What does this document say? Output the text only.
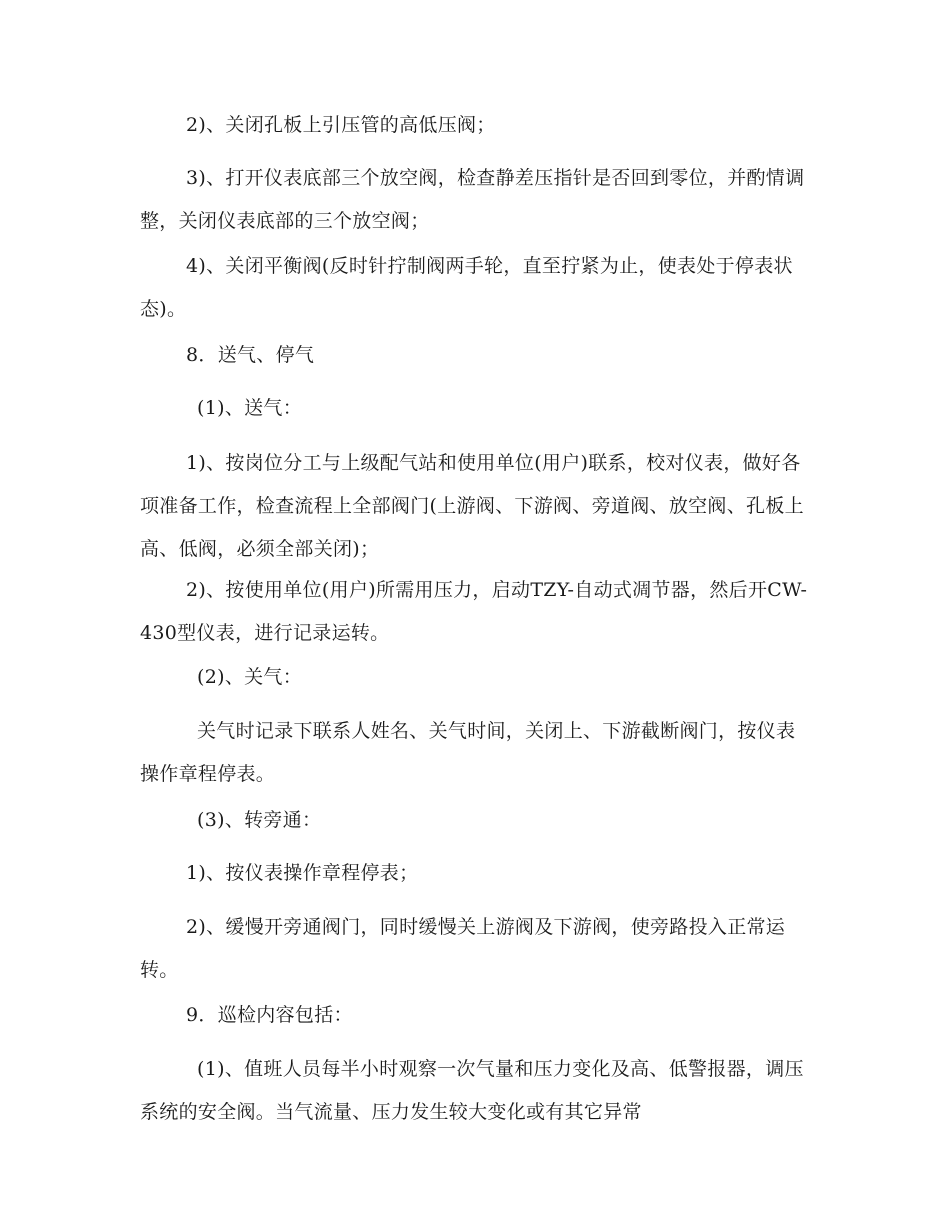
2)、关闭孔板上引压管的高低压阀；
3)、打开仪表底部三个放空阀，检查静差压指针是否回到零位，并酌情调整，关闭仪表底部的三个放空阀；
4)、关闭平衡阀(反时针拧制阀两手轮，直至拧紧为止，使表处于停表状态)。
8．送气、停气
(1)、送气：
1)、按岗位分工与上级配气站和使用单位(用户)联系，校对仪表，做好各项准备工作，检查流程上全部阀门(上游阀、下游阀、旁道阀、放空阀、孔板上高、低阀，必须全部关闭)；
2)、按使用单位(用户)所需用压力，启动TZY-自动式凋节器，然后开CW-430型仪表，进行记录运转。
(2)、关气：
关气时记录下联系人姓名、关气时间，关闭上、下游截断阀门，按仪表操作章程停表。
(3)、转旁通：
1)、按仪表操作章程停表；
2)、缓慢开旁通阀门，同时缓慢关上游阀及下游阀，使旁路投入正常运转。
9．巡检内容包括：
(1)、值班人员每半小时观察一次气量和压力变化及高、低警报器，调压系统的安全阀。当气流量、压力发生较大变化或有其它异常
